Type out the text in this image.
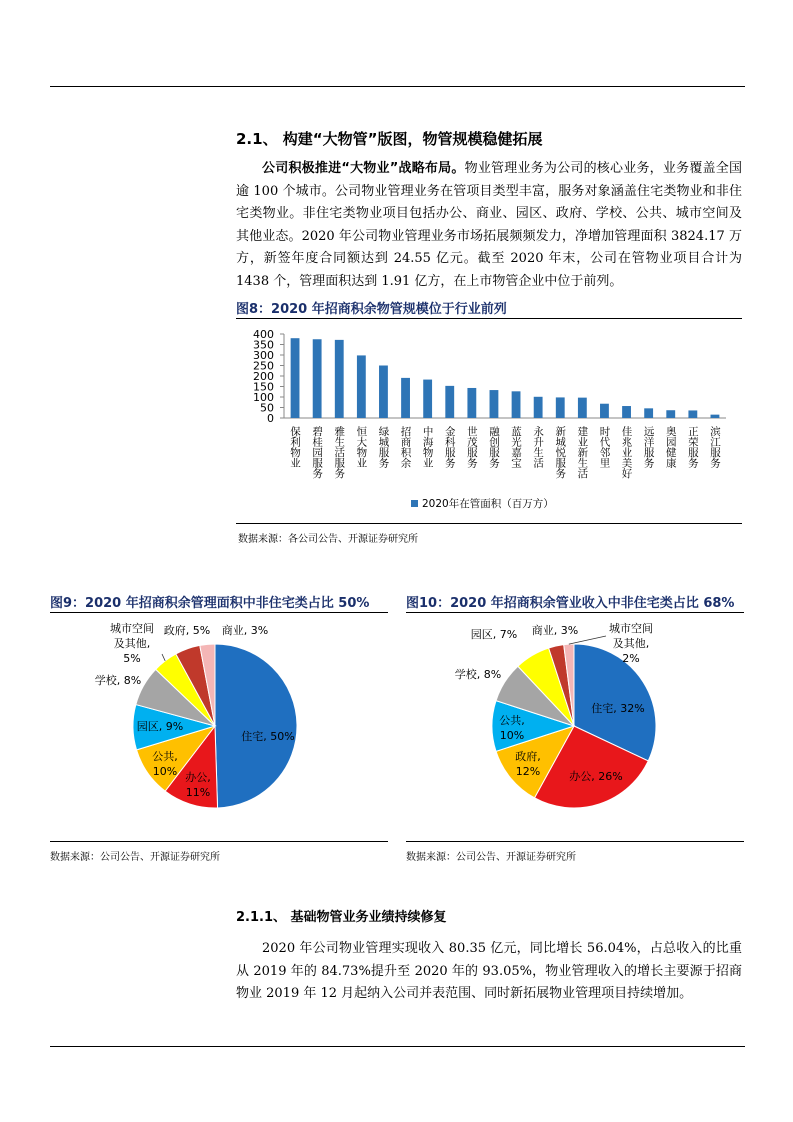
2.1、 构建“大物管”版图，物管规模稳健拓展

公司积极推进“大物业”战略布局。物业管理业务为公司的核心业务，业务覆盖全国逾 100 个城市。公司物业管理业务在管项目类型丰富，服务对象涵盖住宅类物业和非住宅类物业。非住宅类物业项目包括办公、商业、园区、政府、学校、公共、城市空间及其他业态。2020 年公司物业管理业务市场拓展频频发力，净增加管理面积 3824.17 万方，新签年度合同额达到 24.55 亿元。截至 2020 年末，公司在管物业项目合计为 1438 个，管理面积达到 1.91 亿方，在上市物管企业中位于前列。

图8：2020 年招商积余物管规模位于行业前列
0
50
100
150
200
250
300
350
400
保利物业 碧桂园服务 雅生活服务 恒大物业 绿城服务 招商积余 中海物业 金科服务 世茂服务 融创服务 蓝光嘉宝 永升生活 新城悦服务 建业新生活 时代邻里 佳兆业美好 远洋服务 奥园健康 正荣服务 滨江服务
2020年在管面积（百万方）
数据来源：各公司公告、开源证券研究所
图9：2020 年招商积余管理面积中非住宅类占比 50%
住宅, 50%
办公,
11%
公共,
10%
园区, 9%
学校, 8%
城市空间
及其他,
5%
政府, 5% 商业, 3%
数据来源：公司公告、开源证券研究所
图10：2020 年招商积余管业收入中非住宅类占比 68%
住宅, 32%
办公, 26%
政府,
12%
公共,
10%
学校, 8%
园区, 7% 商业, 3%	城市空间
及其他,
2%
数据来源：公司公告、开源证券研究所
2.1.1、 基础物管业务业绩持续修复

2020 年公司物业管理实现收入 80.35 亿元，同比增长 56.04%，占总收入的比重从 2019 年的 84.73%提升至 2020 年的 93.05%，物业管理收入的增长主要源于招商物业 2019 年 12 月起纳入公司并表范围、同时新拓展物业管理项目持续增加。
